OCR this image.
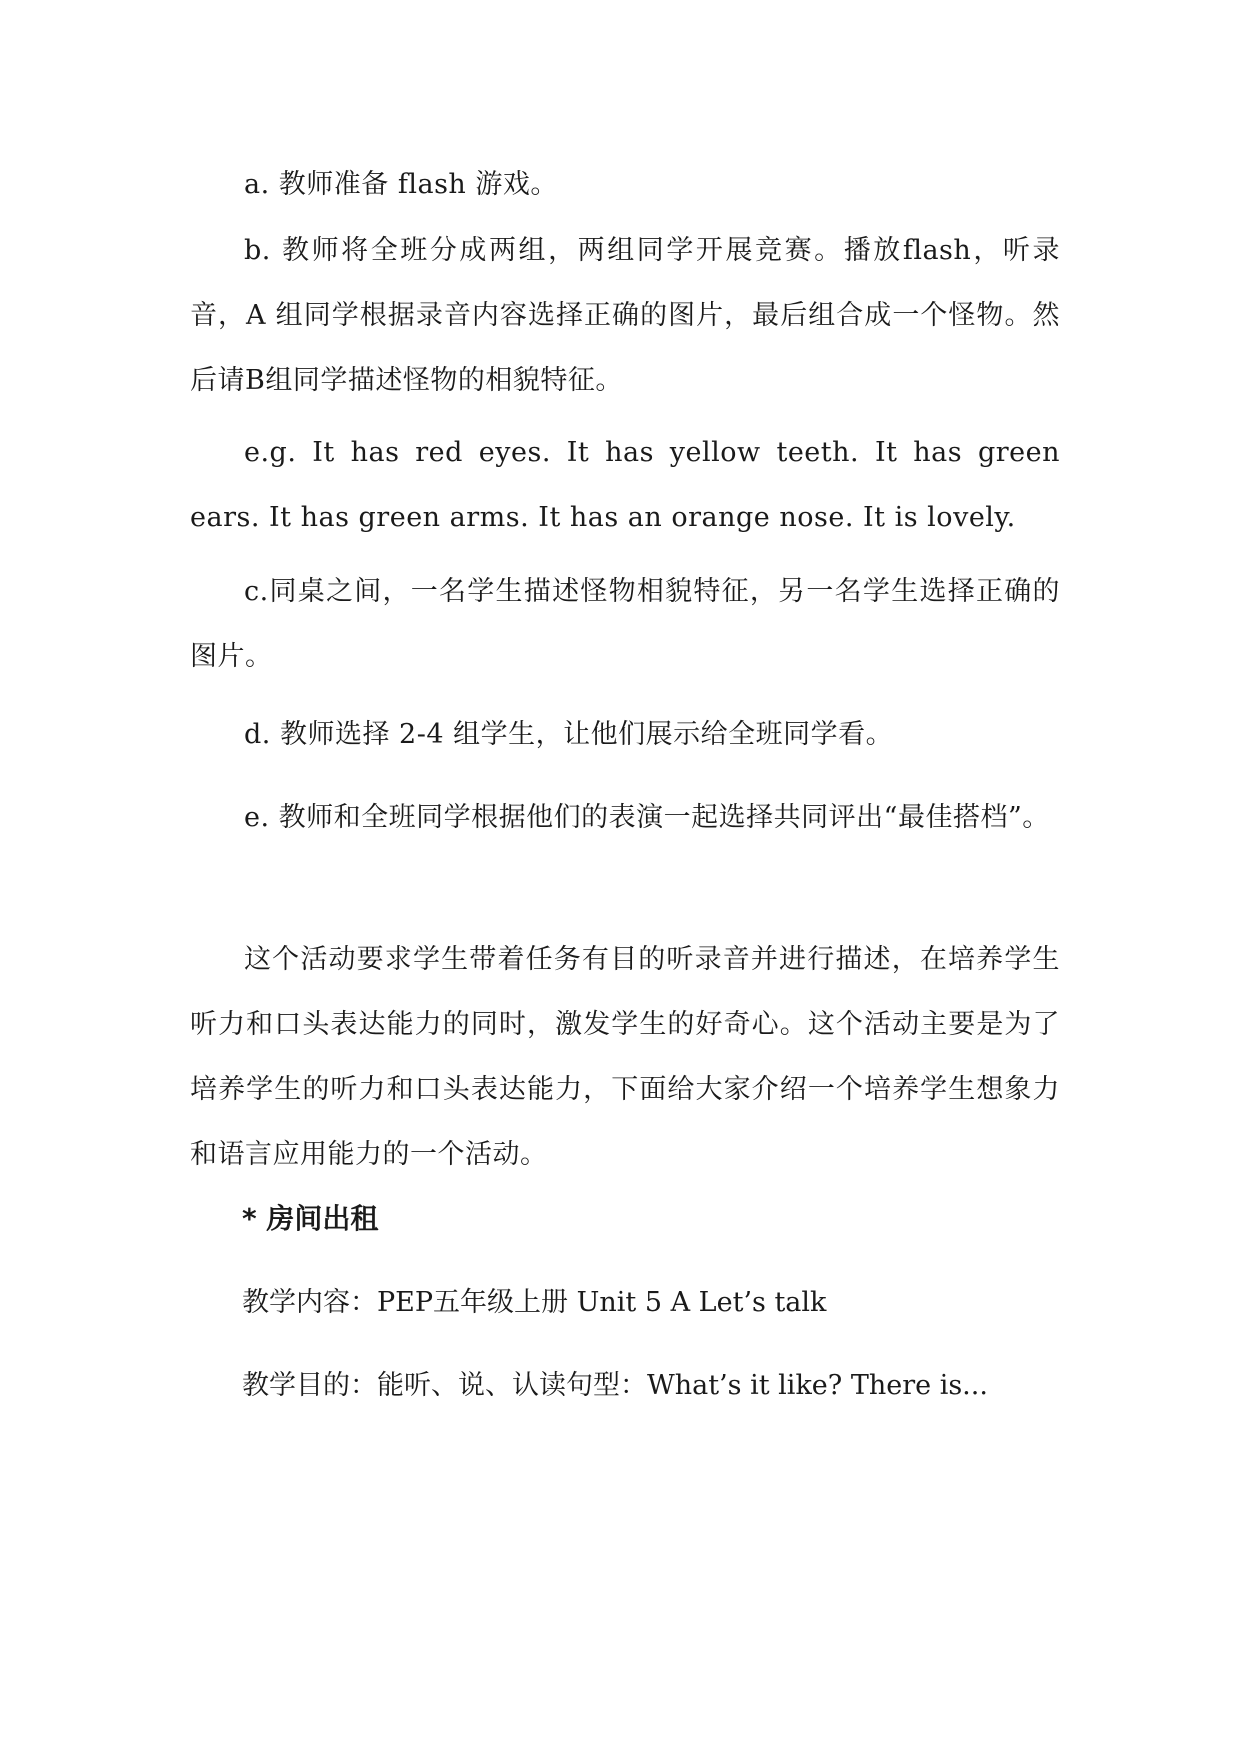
a. 教师准备 flash 游戏。

b. 教师将全班分成两组，两组同学开展竞赛。播放flash，听录音，A 组同学根据录音内容选择正确的图片，最后组合成一个怪物。然后请B组同学描述怪物的相貌特征。

e.g. It has red eyes. It has yellow teeth. It has green ears. It has green arms. It has an orange nose. It is lovely.

c.同桌之间，一名学生描述怪物相貌特征，另一名学生选择正确的图片。

d. 教师选择 2-4 组学生，让他们展示给全班同学看。

e. 教师和全班同学根据他们的表演一起选择共同评出“最佳搭档”。

这个活动要求学生带着任务有目的听录音并进行描述，在培养学生听力和口头表达能力的同时，激发学生的好奇心。这个活动主要是为了培养学生的听力和口头表达能力，下面给大家介绍一个培养学生想象力和语言应用能力的一个活动。

* 房间出租

教学内容：PEP五年级上册 Unit 5 A Let’s talk

教学目的：能听、说、认读句型：What’s it like? There is...
